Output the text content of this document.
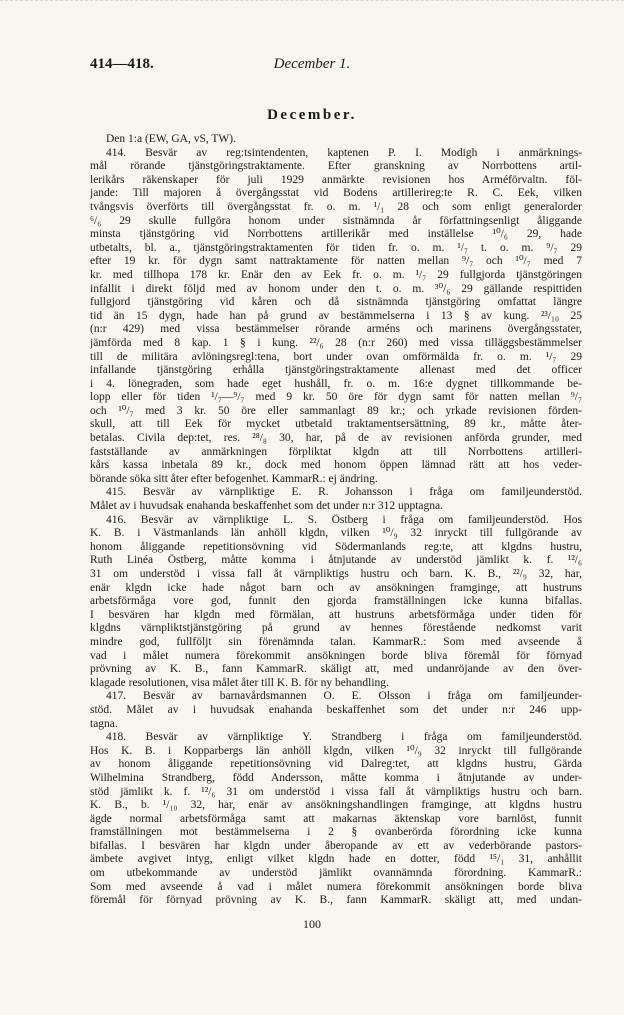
414—418.	December 1.
December.
Den 1:a (EW, GA, vS, TW).
414. Besvär av reg:tsintendenten, kaptenen P. I. Modigh i anmärknings-
mål rörande tjänstgöringstraktamente. Efter granskning av Norrbottens artil-
lerikårs räkenskaper för juli 1929 anmärkte revisionen hos Arméförvaltn. föl-
jande: Till majoren å övergångsstat vid Bodens artillerireg:te R. C. Eek, vilken
tvångsvis överförts till övergångsstat fr. o. m. ¹/₁ 28 och som enligt generalorder
⁶/₆ 29 skulle fullgöra honom under sistnämnda år författningsenligt åliggande
minsta tjänstgöring vid Norrbottens artillerikår med inställelse ¹⁰/₆ 29, hade
utbetalts, bl. a., tjänstgöringstraktamenten för tiden fr. o. m. ¹/₇ t. o. m. ⁹/₇ 29
efter 19 kr. för dygn samt nattraktamente för natten mellan ⁹/₇ och ¹⁰/₇ med 7
kr. med tillhopa 178 kr. Enär den av Eek fr. o. m. ¹/₇ 29 fullgjorda tjänstgöringen
infallit i direkt följd med av honom under den t. o. m. ³⁰/₆ 29 gällande respittiden
fullgjord tjänstgöring vid kåren och då sistnämnda tjänstgöring omfattat längre
tid än 15 dygn, hade han på grund av bestämmelserna i 13 § av kung. ²³/₁₀ 25
(n:r 429) med vissa bestämmelser rörande arméns och marinens övergångsstater,
jämförda med 8 kap. 1 § i kung. ²²/₆ 28 (n:r 260) med vissa tilläggsbestämmelser
till de militära avlöningsregl:tena, bort under ovan omförmälda fr. o. m. ¹/₇ 29
infallande tjänstgöring erhålla tjänstgöringstraktamente allenast med det officer
i 4. lönegraden, som hade eget hushåll, fr. o. m. 16:e dygnet tillkommande be-
lopp eller för tiden ¹/₇—⁹/₇ med 9 kr. 50 öre för dygn samt för natten mellan ⁹/₇
och ¹⁰/₇ med 3 kr. 50 öre eller sammanlagt 89 kr.; och yrkade revisionen förden-
skull, att till Eek för mycket utbetald traktamentsersättning, 89 kr., måtte åter-
betalas. Civila dep:tet, res. ²⁸/₈ 30, har, på de av revisionen anförda grunder, med
fastställande av anmärkningen förpliktat klgdn att till Norrbottens artilleri-
kårs kassa inbetala 89 kr., dock med honom öppen lämnad rätt att hos veder-
börande söka sitt åter efter befogenhet. KammarR.: ej ändring.
415. Besvär av värnpliktige E. R. Johansson i fråga om familjeunderstöd.
Målet av i huvudsak enahanda beskaffenhet som det under n:r 312 upptagna.
416. Besvär av värnpliktige L. S. Östberg i fråga om familjeunderstöd. Hos
K. B. i Västmanlands län anhöll klgdn, vilken ¹⁰/₉ 32 inryckt till fullgörande av
honom åliggande repetitionsövning vid Södermanlands reg:te, att klgdns hustru,
Ruth Linéa Östberg, måtte komma i åtnjutande av understöd jämlikt k. f. ¹²/₆
31 om understöd i vissa fall åt värnpliktigs hustru och barn. K. B., ²²/₉ 32, har,
enär klgdn icke hade något barn och av ansökningen framginge, att hustruns
arbetsförmåga vore god, funnit den gjorda framställningen icke kunna bifallas.
I besvären har klgdn med förmälan, att hustruns arbetsförmåga under tiden för
klgdns värnpliktstjänstgöring på grund av hennes förestående nedkomst varit
mindre god, fullföljt sin förenämnda talan. KammarR.: Som med avseende å
vad i målet numera förekommit ansökningen borde bliva föremål för förnyad
prövning av K. B., fann KammarR. skäligt att, med undanröjande av den över-
klagade resolutionen, visa målet åter till K. B. för ny behandling.
417. Besvär av barnavårdsmannen O. E. Olsson i fråga om familjeunder-
stöd. Målet av i huvudsak enahanda beskaffenhet som det under n:r 246 upp-
tagna.
418. Besvär av värnpliktige Y. Strandberg i fråga om familjeunderstöd.
Hos K. B. i Kopparbergs län anhöll klgdn, vilken ¹⁰/₉ 32 inryckt till fullgörande
av honom åliggande repetitionsövning vid Dalreg:tet, att klgdns hustru, Gärda
Wilhelmina Strandberg, född Andersson, måtte komma i åtnjutande av under-
stöd jämlikt k. f. ¹²/₆ 31 om understöd i vissa fall åt värnpliktigs hustru och barn.
K. B., b. ¹/₁₀ 32, har, enär av ansökningshandlingen framginge, att klgdns hustru
ägde normal arbetsförmåga samt att makarnas äktenskap vore barnlöst, funnit
framställningen mot bestämmelserna i 2 § ovanberörda förordning icke kunna
bifallas. I besvären har klgdn under åberopande av ett av vederbörande pastors-
ämbete avgivet intyg, enligt vilket klgdn hade en dotter, född ¹⁵/₁ 31, anhållit
om utbekommande av understöd jämlikt ovannämnda förordning. KammarR.:
Som med avseende å vad i målet numera förekommit ansökningen borde bliva
föremål för förnyad prövning av K. B., fann KammarR. skäligt att, med undan-
100
